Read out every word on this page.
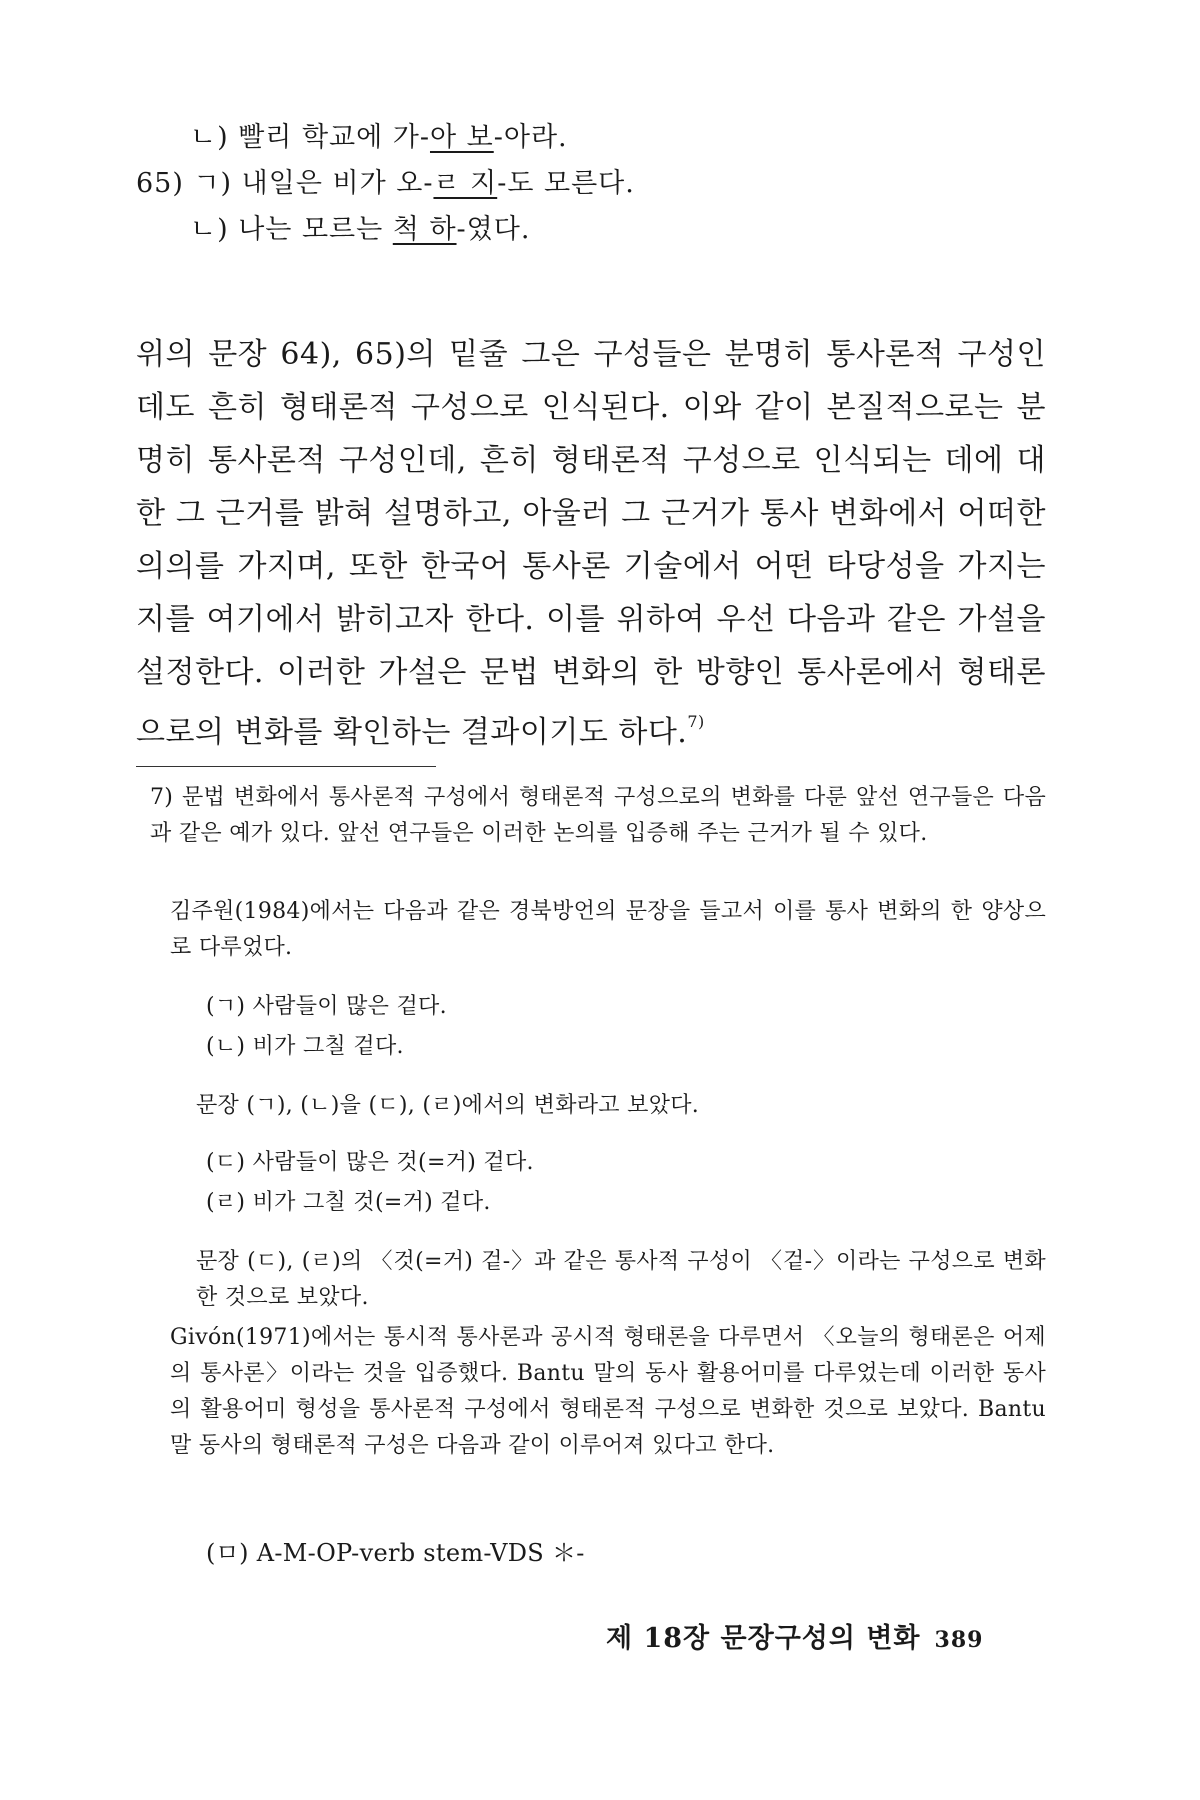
ㄴ) 빨리 학교에 가-아 보-아라.
65) ㄱ) 내일은 비가 오-ㄹ 지-도 모른다.
ㄴ) 나는 모르는 척 하-였다.

위의 문장 64), 65)의 밑줄 그은 구성들은 분명히 통사론적 구성인데도 흔히 형태론적 구성으로 인식된다. 이와 같이 본질적으로는 분명히 통사론적 구성인데, 흔히 형태론적 구성으로 인식되는 데에 대한 그 근거를 밝혀 설명하고, 아울러 그 근거가 통사 변화에서 어떠한 의의를 가지며, 또한 한국어 통사론 기술에서 어떤 타당성을 가지는지를 여기에서 밝히고자 한다. 이를 위하여 우선 다음과 같은 가설을 설정한다. 이러한 가설은 문법 변화의 한 방향인 통사론에서 형태론으로의 변화를 확인하는 결과이기도 하다.$^{7)}$

7) 문법 변화에서 통사론적 구성에서 형태론적 구성으로의 변화를 다룬 앞선 연구들은 다음과 같은 예가 있다. 앞선 연구들은 이러한 논의를 입증해 주는 근거가 될 수 있다.

김주원(1984)에서는 다음과 같은 경북방언의 문장을 들고서 이를 통사 변화의 한 양상으로 다루었다.

(ㄱ) 사람들이 많은 겉다.

(ㄴ) 비가 그칠 겉다.

문장 (ㄱ), (ㄴ)을 (ㄷ), (ㄹ)에서의 변화라고 보았다.

(ㄷ) 사람들이 많은 것(=거) 겉다.

(ㄹ) 비가 그칠 것(=거) 겉다.

문장 (ㄷ), (ㄹ)의 〈것(=거) 겉-〉과 같은 통사적 구성이 〈겉-〉이라는 구성으로 변화한 것으로 보았다.

Givón(1971)에서는 통시적 통사론과 공시적 형태론을 다루면서 〈오늘의 형태론은 어제의 통사론〉이라는 것을 입증했다. Bantu 말의 동사 활용어미를 다루었는데 이러한 동사의 활용어미 형성을 통사론적 구성에서 형태론적 구성으로 변화한 것으로 보았다. Bantu 말 동사의 형태론적 구성은 다음과 같이 이루어져 있다고 한다.

(ㅁ) A-M-OP-verb stem-VDS ＊-

제 18장 문장구성의 변화 389
